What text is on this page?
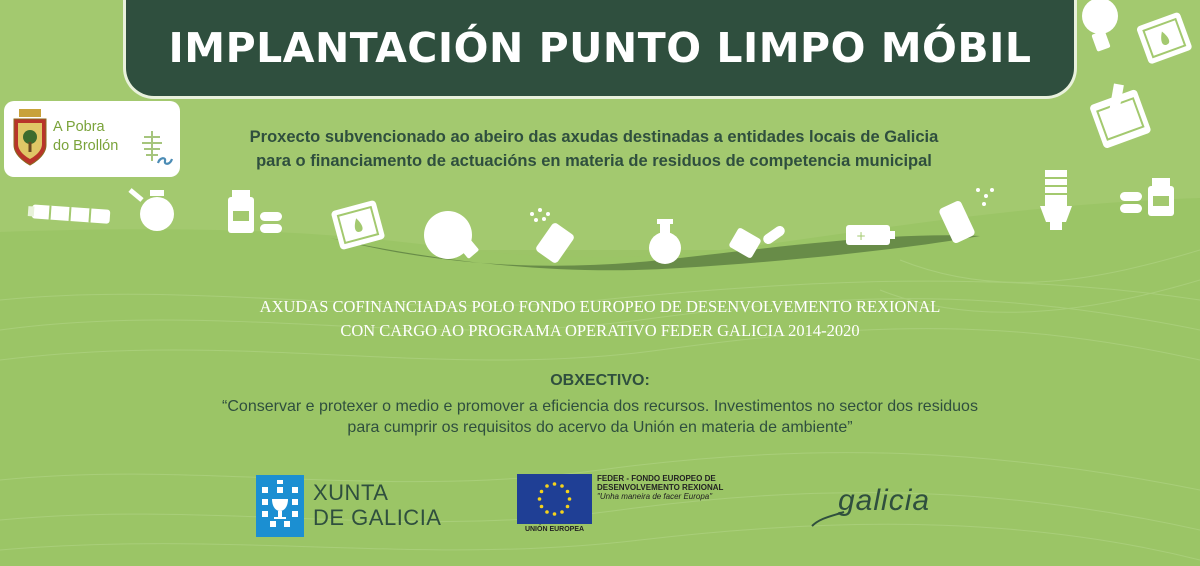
IMPLANTACIÓN PUNTO LIMPO MÓBIL
A Pobra
do Brollón	Proxecto subvencionado ao abeiro das axudas destinadas a entidades locais de Galicia
para o financiamento de actuacións en materia de residuos de competencia municipal
+
AXUDAS COFINANCIADAS POLO FONDO EUROPEO DE DESENVOLVEMENTO REXIONAL
CON CARGO AO PROGRAMA OPERATIVO FEDER GALICIA 2014-2020
OBXECTIVO:
“Conservar e protexer o medio e promover a eficiencia dos recursos. Investimentos no sector dos residuos
para cumprir os requisitos do acervo da Unión en materia de ambiente”
XUNTA
DE GALICIA	UNIÓN EUROPEA
FEDER - FONDO EUROPEO DE
DESENVOLVEMENTO REXIONAL
"Unha maneira de facer Europa"	galicia
